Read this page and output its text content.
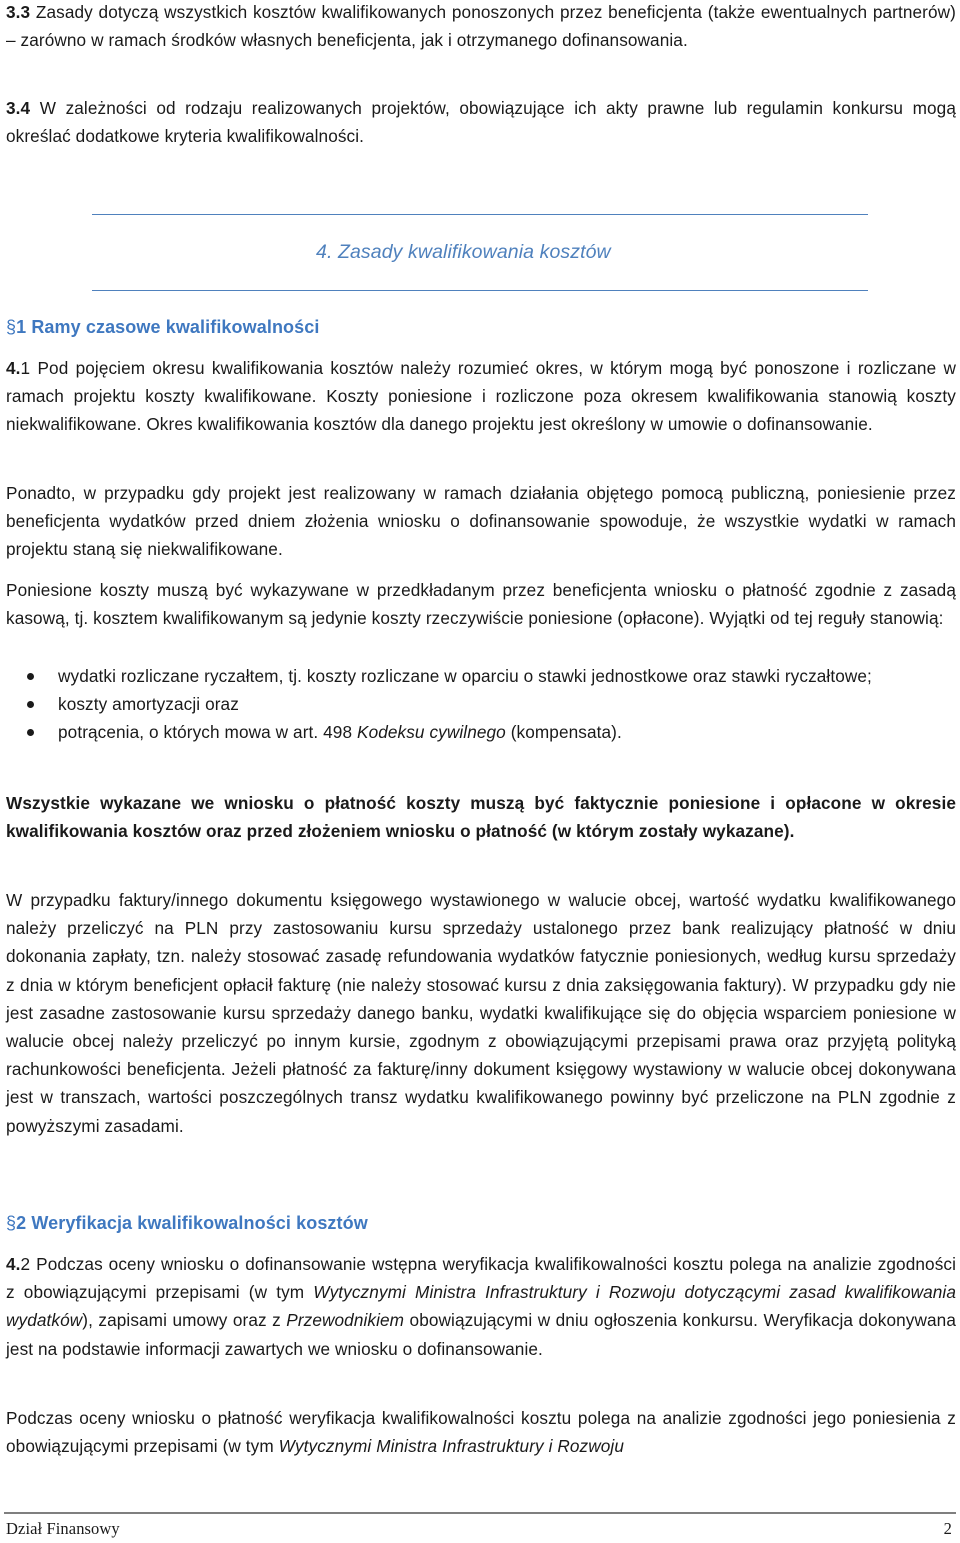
3.3 Zasady dotyczą wszystkich kosztów kwalifikowanych ponoszonych przez beneficjenta (także ewentualnych partnerów) – zarówno w ramach środków własnych beneficjenta, jak i otrzymanego dofinansowania.

3.4 W zależności od rodzaju realizowanych projektów, obowiązujące ich akty prawne lub regulamin konkursu mogą określać dodatkowe kryteria kwalifikowalności.

4. Zasady kwalifikowania kosztów
§1 Ramy czasowe kwalifikowalności

4.1 Pod pojęciem okresu kwalifikowania kosztów należy rozumieć okres, w którym mogą być ponoszone i rozliczane w ramach projektu koszty kwalifikowane. Koszty poniesione i rozliczone poza okresem kwalifikowania stanowią koszty niekwalifikowane. Okres kwalifikowania kosztów dla danego projektu jest określony w umowie o dofinansowanie.

Ponadto, w przypadku gdy projekt jest realizowany w ramach działania objętego pomocą publiczną, poniesienie przez beneficjenta wydatków przed dniem złożenia wniosku o dofinansowanie spowoduje, że wszystkie wydatki w ramach projektu staną się niekwalifikowane.

Poniesione koszty muszą być wykazywane w przedkładanym przez beneficjenta wniosku o płatność zgodnie z zasadą kasową, tj. kosztem kwalifikowanym są jedynie koszty rzeczywiście poniesione (opłacone). Wyjątki od tej reguły stanowią:

wydatki rozliczane ryczałtem, tj. koszty rozliczane w oparciu o stawki jednostkowe oraz stawki ryczałtowe;
koszty amortyzacji oraz
potrącenia, o których mowa w art. 498 Kodeksu cywilnego (kompensata).

Wszystkie wykazane we wniosku o płatność koszty muszą być faktycznie poniesione i opłacone w okresie kwalifikowania kosztów oraz przed złożeniem wniosku o płatność (w którym zostały wykazane).

W przypadku faktury/innego dokumentu księgowego wystawionego w walucie obcej, wartość wydatku kwalifikowanego należy przeliczyć na PLN przy zastosowaniu kursu sprzedaży ustalonego przez bank realizujący płatność w dniu dokonania zapłaty, tzn. należy stosować zasadę refundowania wydatków fatycznie poniesionych, według kursu sprzedaży z dnia w którym beneficjent opłacił fakturę (nie należy stosować kursu z dnia zaksięgowania faktury). W przypadku gdy nie jest zasadne zastosowanie kursu sprzedaży danego banku, wydatki kwalifikujące się do objęcia wsparciem poniesione w walucie obcej należy przeliczyć po innym kursie, zgodnym z obowiązującymi przepisami prawa oraz przyjętą polityką rachunkowości beneficjenta. Jeżeli płatność za fakturę/inny dokument księgowy wystawiony w walucie obcej dokonywana jest w transzach, wartości poszczególnych transz wydatku kwalifikowanego powinny być przeliczone na PLN zgodnie z powyższymi zasadami.

§2 Weryfikacja kwalifikowalności kosztów

4.2 Podczas oceny wniosku o dofinansowanie wstępna weryfikacja kwalifikowalności kosztu polega na analizie zgodności z obowiązującymi przepisami (w tym Wytycznymi Ministra Infrastruktury i Rozwoju dotyczącymi zasad kwalifikowania wydatków), zapisami umowy oraz z Przewodnikiem obowiązującymi w dniu ogłoszenia konkursu. Weryfikacja dokonywana jest na podstawie informacji zawartych we wniosku o dofinansowanie.

Podczas oceny wniosku o płatność weryfikacja kwalifikowalności kosztu polega na analizie zgodności jego poniesienia z obowiązującymi przepisami (w tym Wytycznymi Ministra Infrastruktury i Rozwoju

Dział Finansowy	2
